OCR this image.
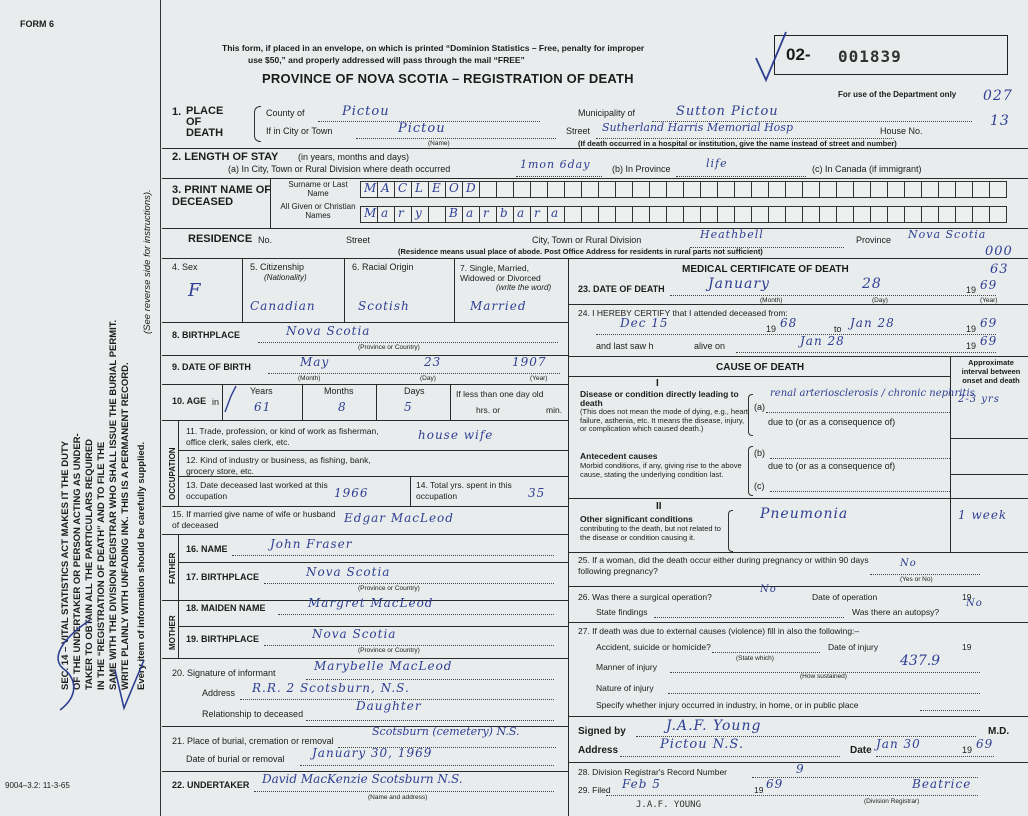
FORM 6
This form, if placed in an envelope, on which is printed “Dominion Statistics – Free, penalty for improper
use $50,” and properly addressed will pass through the mail “FREE”
PROVINCE OF NOVA SCOTIA – REGISTRATION OF DEATH
02- 001839
For use of the Department only 027
13
000
63
SEC. 14 – VITAL STATISTICS ACT MAKES IT THE DUTY OF THE UNDERTAKER OR PERSON ACTING AS UNDER- TAKER TO OBTAIN ALL THE PARTICULARS REQUIRED IN THE “REGISTRATION OF DEATH” AND TO FILE THE SAME WITH THE DIVISION REGISTRAR WHO SHALL ISSUE THE BURIAL PERMIT. WRITE PLAINLY WITH UNFADING INK. THIS IS A PERMANENT RECORD. Every item of information should be carefully supplied.
(See reverse side for instructions).
9004–3.2: 11-3-65
1. PLACE OF DEATH
County of	Pictou	Municipality of	Sutton Pictou
If in City or Town	Pictou
(Name)
Street Sutherland Harris Memorial Hosp	House No.
(If death occurred in a hospital or institution, give the name instead of street and number)
2. LENGTH OF STAY (in years, months and days)
(a) In City, Town or Rural Division where death occurred	1mon 6day (b) In Province	life	(c) In Canada (if immigrant)
3. PRINT NAME OF DECEASED
Surname or Last Name
All Given or Christian Names
M A C L E O D
M a r y B a r b a r a
RESIDENCE No.	Street	City, Town or Rural Division	Heathbell	Province Nova Scotia
(Residence means usual place of abode. Post Office Address for residents in rural parts not sufficient)
4. Sex
F
5. Citizenship
(Nationality)
Canadian
6. Racial Origin
Scotish
7. Single, Married, Widowed or Divorced
(write the word)
Married
8. BIRTHPLACE	Nova Scotia
(Province or Country)
9. DATE OF BIRTH	May	23	1907
(Month)	(Day)	(Year)
10. AGE in
Years	Months	Days
61	8	5
If less than one day old
hrs. or	min.
OCCUPATION
11. Trade, profession, or kind of work as fisherman, office clerk, sales clerk, etc.	house wife
12. Kind of industry or business, as fishing, bank, grocery store, etc.
13. Date deceased last worked at this occupation	1966
14. Total yrs. spent in this occupation	35
15. If married give name of wife or husband of deceased	Edgar MacLeod
FATHER
16. NAME	John Fraser
17. BIRTHPLACE	Nova Scotia
(Province or Country)
MOTHER
18. MAIDEN NAME	Margret MacLeod
19. BIRTHPLACE	Nova Scotia
(Province or Country)
20. Signature of informant	Marybelle MacLeod
Address R.R. 2 Scotsburn, N.S.
Relationship to deceased
Daughter
21. Place of burial, cremation or removal
Scotsburn (cemetery) N.S.
Date of burial or removal January 30, 1969
22. UNDERTAKER David MacKenzie Scotsburn N.S.
(Name and address)
MEDICAL CERTIFICATE OF DEATH
23. DATE OF DEATH	January	28	19 69
(Month)	(Day)	(Year)
24. I HEREBY CERTIFY that I attended deceased from:
Dec 15	19 68	to Jan 28	19 69
and last saw h	alive on	Jan 28	19 69
CAUSE OF DEATH	Approximate interval between onset and death
I
Disease or condition directly leading to death
(This does not mean the mode of dying, e.g., heart failure, asthenia, etc. It means the disease, injury, or complication which caused death.)
(a)
renal arteriosclerosis / chronic nephritis
2-3 yrs
due to (or as a consequence of)
Antecedent causes
Morbid conditions, if any, giving rise to the above cause, stating the underlying condition last.
(b)
due to (or as a consequence of)
(c)
II
Other significant conditions
contributing to the death, but not related to the disease or condition causing it.
Pneumonia	1 week
25. If a woman, did the death occur either during pregnancy or within 90 days following pregnancy?
No
(Yes or No)
26. Was there a surgical operation?
No
Date of operation	19
State findings	Was there an autopsy?
No
27. If death was due to external causes (violence) fill in also the following:–
Accident, suicide or homicide?
(State which)
Date of injury	19
Manner of injury	437.9
(How sustained)
Nature of injury
Specify whether injury occurred in industry, in home, or in public place
Signed by	J.A.F. Young	M.D.
Address	Pictou N.S.	Date Jan 30	19 69
28. Division Registrar's Record Number	9
29. Filed Feb 5	19 69	Beatrice
(Division Registrar)
J.A.F. YOUNG
